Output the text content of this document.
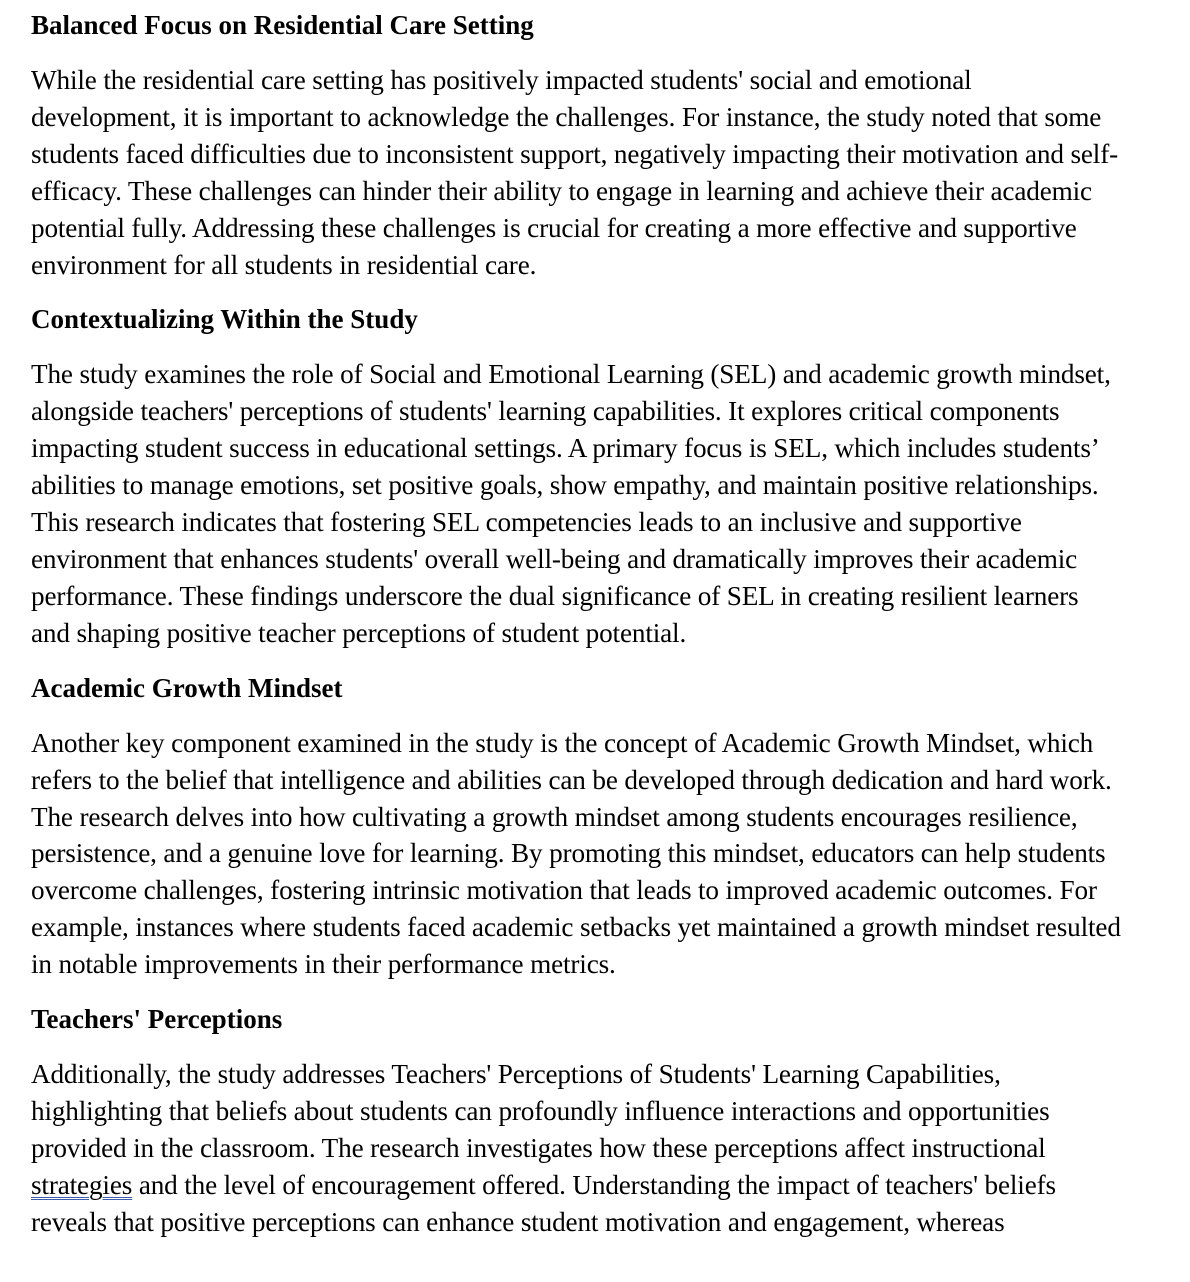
Balanced Focus on Residential Care Setting

While the residential care setting has positively impacted students' social and emotional development, it is important to acknowledge the challenges. For instance, the study noted that some students faced difficulties due to inconsistent support, negatively impacting their motivation and self-efficacy. These challenges can hinder their ability to engage in learning and achieve their academic potential fully. Addressing these challenges is crucial for creating a more effective and supportive environment for all students in residential care.

Contextualizing Within the Study

The study examines the role of Social and Emotional Learning (SEL) and academic growth mindset, alongside teachers' perceptions of students' learning capabilities. It explores critical components impacting student success in educational settings. A primary focus is SEL, which includes students’ abilities to manage emotions, set positive goals, show empathy, and maintain positive relationships. This research indicates that fostering SEL competencies leads to an inclusive and supportive environment that enhances students' overall well-being and dramatically improves their academic performance. These findings underscore the dual significance of SEL in creating resilient learners and shaping positive teacher perceptions of student potential.

Academic Growth Mindset

Another key component examined in the study is the concept of Academic Growth Mindset, which refers to the belief that intelligence and abilities can be developed through dedication and hard work. The research delves into how cultivating a growth mindset among students encourages resilience, persistence, and a genuine love for learning. By promoting this mindset, educators can help students overcome challenges, fostering intrinsic motivation that leads to improved academic outcomes. For example, instances where students faced academic setbacks yet maintained a growth mindset resulted in notable improvements in their performance metrics.

Teachers' Perceptions

Additionally, the study addresses Teachers' Perceptions of Students' Learning Capabilities, highlighting that beliefs about students can profoundly influence interactions and opportunities provided in the classroom. The research investigates how these perceptions affect instructional strategies and the level of encouragement offered. Understanding the impact of teachers' beliefs reveals that positive perceptions can enhance student motivation and engagement, whereas
